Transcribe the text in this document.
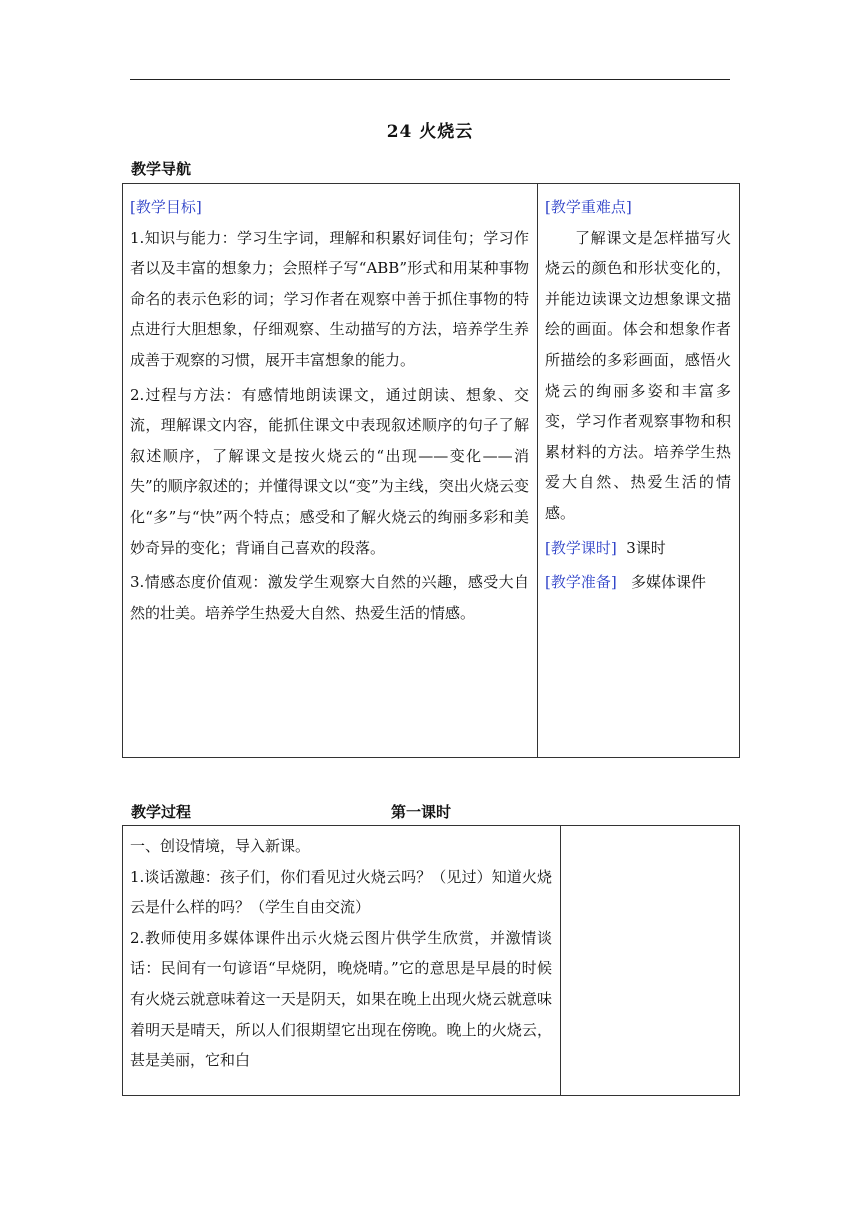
24 火烧云
教学导航

[教学目标]

1.知识与能力：学习生字词，理解和积累好词佳句；学习作者以及丰富的想象力；会照样子写“ABB”形式和用某种事物命名的表示色彩的词；学习作者在观察中善于抓住事物的特点进行大胆想象，仔细观察、生动描写的方法，培养学生养成善于观察的习惯，展开丰富想象的能力。

2.过程与方法：有感情地朗读课文，通过朗读、想象、交流，理解课文内容，能抓住课文中表现叙述顺序的句子了解叙述顺序，了解课文是按火烧云的“出现——变化——消失”的顺序叙述的；并懂得课文以“变”为主线，突出火烧云变化“多”与“快”两个特点；感受和了解火烧云的绚丽多彩和美妙奇异的变化；背诵自己喜欢的段落。

3.情感态度价值观：激发学生观察大自然的兴趣，感受大自然的壮美。培养学生热爱大自然、热爱生活的情感。

[教学重难点]

了解课文是怎样描写火烧云的颜色和形状变化的，并能边读课文边想象课文描绘的画面。体会和想象作者所描绘的多彩画面，感悟火烧云的绚丽多姿和丰富多变，学习作者观察事物和积累材料的方法。培养学生热爱大自然、热爱生活的情感。

[教学课时] 3课时

[教学准备] 多媒体课件

教学过程	第一课时

一、创设情境，导入新课。

1.谈话激趣：孩子们，你们看见过火烧云吗？（见过）知道火烧云是什么样的吗？（学生自由交流）

2.教师使用多媒体课件出示火烧云图片供学生欣赏，并激情谈话：民间有一句谚语“早烧阴，晚烧晴。”它的意思是早晨的时候有火烧云就意味着这一天是阴天，如果在晚上出现火烧云就意味着明天是晴天，所以人们很期望它出现在傍晚。晚上的火烧云，甚是美丽，它和白
